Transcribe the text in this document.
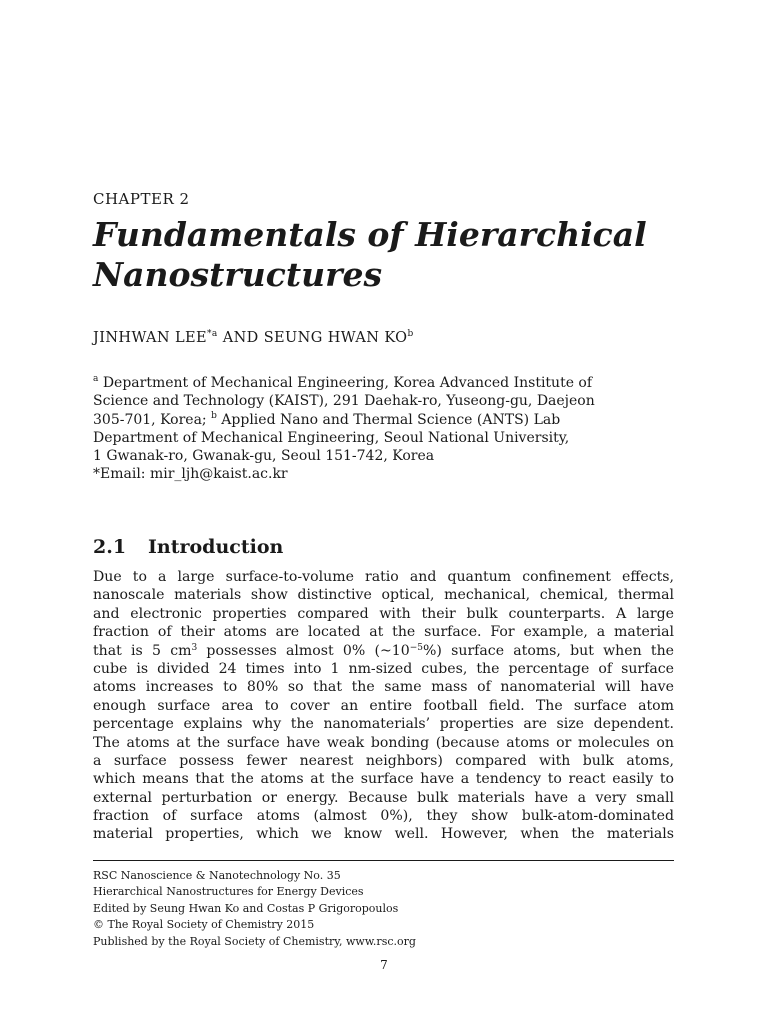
CHAPTER 2
Fundamentals of Hierarchical
Nanostructures
JINHWAN LEE$^{*a}$ AND SEUNG HWAN $KO^b$
$^a$ Department of Mechanical Engineering, Korea Advanced Institute of
Science and Technology (KAIST), 291 Daehak-ro, Yuseong-gu, Daejeon
305-701, Korea; $^b$ Applied Nano and Thermal Science (ANTS) Lab
Department of Mechanical Engineering, Seoul National University,
1 Gwanak-ro, Gwanak-gu, Seoul 151-742, Korea
*Email: mir_ljh@kaist.ac.kr
2.1 Introduction
Due to a large surface-to-volume ratio and quantum confinement effects,
nanoscale materials show distinctive optical, mechanical, chemical, thermal
and electronic properties compared with their bulk counterparts. A large
fraction of their atoms are located at the surface. For example, a material
that is 5 $cm^3$ possesses almost 0% $(\sim 10^{-5}\%)$ surface atoms, but when the
cube is divided 24 times into 1 nm-sized cubes, the percentage of surface
atoms increases to 80% so that the same mass of nanomaterial will have
enough surface area to cover an entire football field. The surface atom
percentage explains why the nanomaterials’ properties are size dependent.
The atoms at the surface have weak bonding (because atoms or molecules on
a surface possess fewer nearest neighbors) compared with bulk atoms,
which means that the atoms at the surface have a tendency to react easily to
external perturbation or energy. Because bulk materials have a very small
fraction of surface atoms (almost 0%), they show bulk-atom-dominated
material properties, which we know well. However, when the materials
RSC Nanoscience & Nanotechnology No. 35
Hierarchical Nanostructures for Energy Devices
Edited by Seung Hwan Ko and Costas P Grigoropoulos
© The Royal Society of Chemistry 2015
Published by the Royal Society of Chemistry, www.rsc.org
7
